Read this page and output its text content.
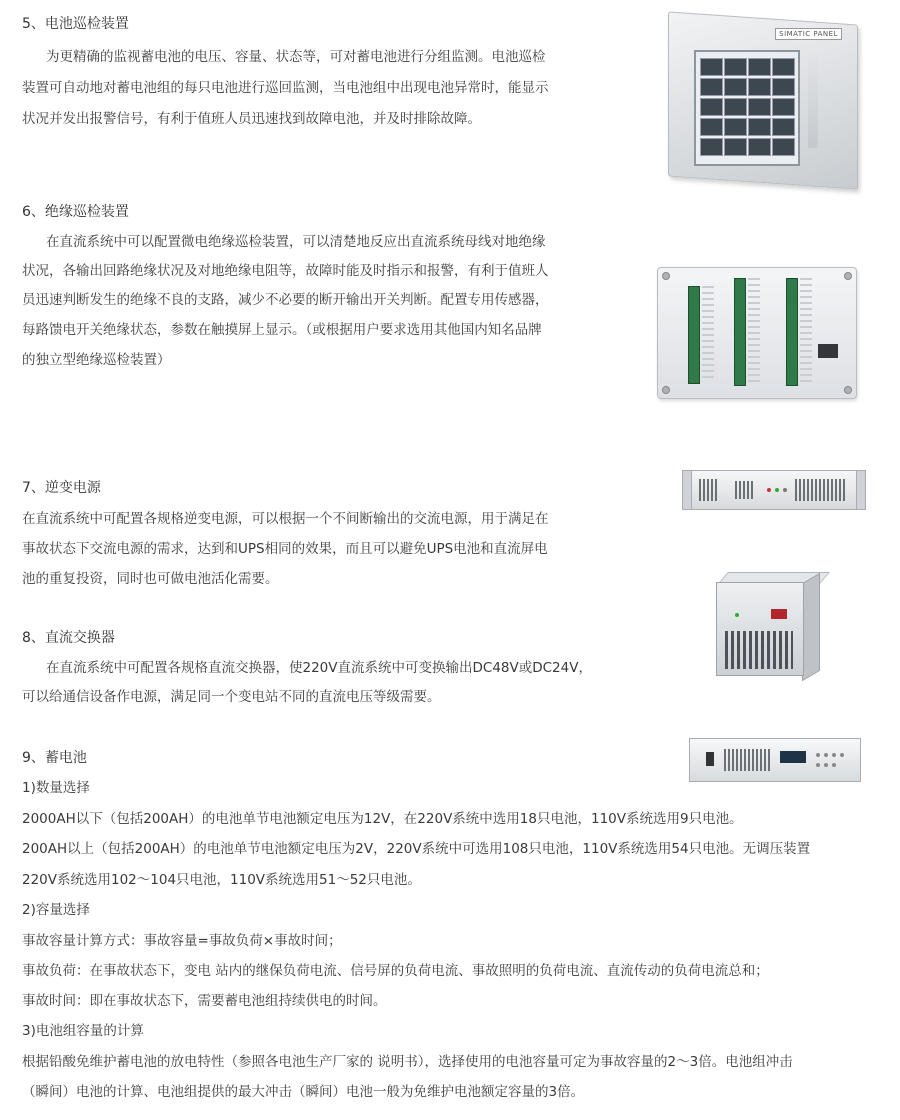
5、电池巡检装置
为更精确的监视蓄电池的电压、容量、状态等，可对蓄电池进行分组监测。电池巡检
装置可自动地对蓄电池组的每只电池进行巡回监测，当电池组中出现电池异常时，能显示
状况并发出报警信号，有利于值班人员迅速找到故障电池，并及时排除故障。
6、绝缘巡检装置
在直流系统中可以配置微电绝缘巡检装置，可以清楚地反应出直流系统母线对地绝缘
状况，各输出回路绝缘状况及对地绝缘电阻等，故障时能及时指示和报警，有利于值班人
员迅速判断发生的绝缘不良的支路，减少不必要的断开输出开关判断。配置专用传感器，
每路馈电开关绝缘状态，参数在触摸屏上显示。（或根据用户要求选用其他国内知名品牌
的独立型绝缘巡检装置）
7、逆变电源
在直流系统中可配置各规格逆变电源，可以根据一个不间断输出的交流电源，用于满足在
事故状态下交流电源的需求，达到和UPS相同的效果，而且可以避免UPS电池和直流屏电
池的重复投资，同时也可做电池活化需要。
8、直流交换器
在直流系统中可配置各规格直流交换器，使220V直流系统中可变换输出DC48V或DC24V，
可以给通信设备作电源，满足同一个变电站不同的直流电压等级需要。
9、蓄电池
1)数量选择
2000AH以下（包括200AH）的电池单节电池额定电压为12V，在220V系统中选用18只电池，110V系统选用9只电池。
200AH以上（包括200AH）的电池单节电池额定电压为2V，220V系统中可选用108只电池，110V系统选用54只电池。无调压装置
220V系统选用102～104只电池，110V系统选用51～52只电池。
2)容量选择
事故容量计算方式：事故容量=事故负荷×事故时间；
事故负荷：在事故状态下，变电 站内的继保负荷电流、信号屏的负荷电流、事故照明的负荷电流、直流传动的负荷电流总和；
事故时间：即在事故状态下，需要蓄电池组持续供电的时间。
3)电池组容量的计算
根据铅酸免维护蓄电池的放电特性（参照各电池生产厂家的 说明书），选择使用的电池容量可定为事故容量的2～3倍。电池组冲击
（瞬间）电池的计算、电池组提供的最大冲击（瞬间）电池一般为免维护电池额定容量的3倍。
SIMATIC PANEL
